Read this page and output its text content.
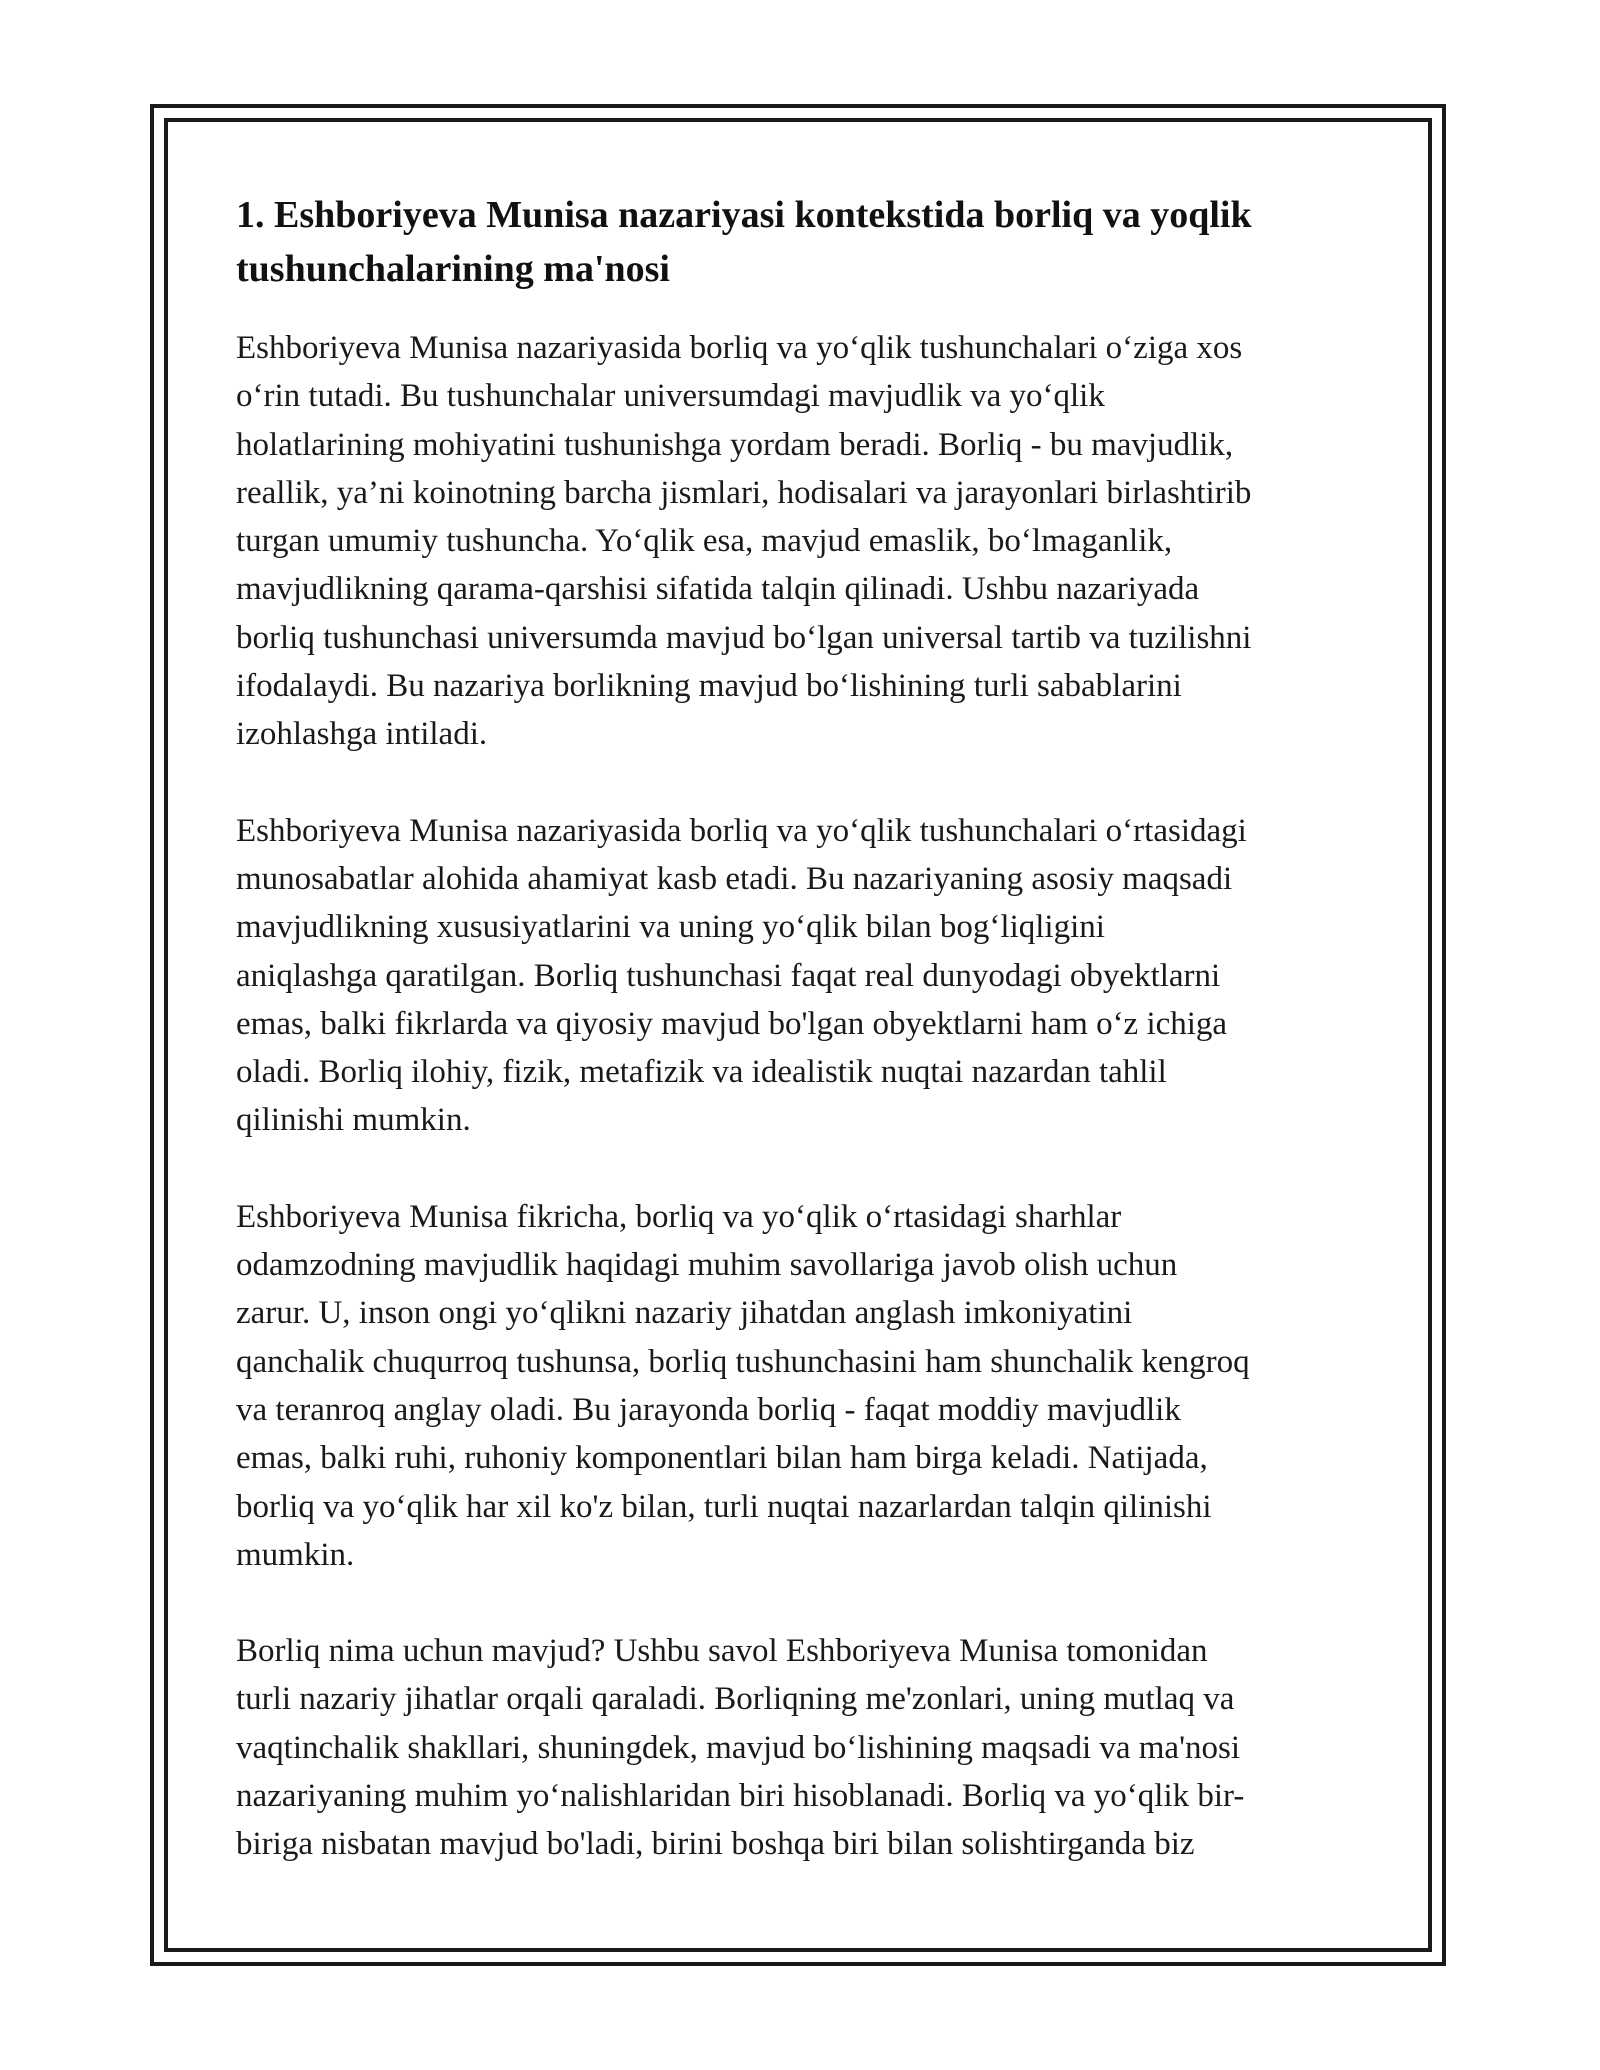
1. Eshboriyeva Munisa nazariyasi kontekstida borliq va yoqlik
tushunchalarining ma'nosi

Eshboriyeva Munisa nazariyasida borliq va yoʻqlik tushunchalari oʻziga xos
oʻrin tutadi. Bu tushunchalar universumdagi mavjudlik va yoʻqlik
holatlarining mohiyatini tushunishga yordam beradi. Borliq - bu mavjudlik,
reallik, ya’ni koinotning barcha jismlari, hodisalari va jarayonlari birlashtirib
turgan umumiy tushuncha. Yoʻqlik esa, mavjud emaslik, boʻlmaganlik,
mavjudlikning qarama-qarshisi sifatida talqin qilinadi. Ushbu nazariyada
borliq tushunchasi universumda mavjud boʻlgan universal tartib va tuzilishni
ifodalaydi. Bu nazariya borlikning mavjud boʻlishining turli sabablarini
izohlashga intiladi.

Eshboriyeva Munisa nazariyasida borliq va yoʻqlik tushunchalari oʻrtasidagi
munosabatlar alohida ahamiyat kasb etadi. Bu nazariyaning asosiy maqsadi
mavjudlikning xususiyatlarini va uning yoʻqlik bilan bogʻliqligini
aniqlashga qaratilgan. Borliq tushunchasi faqat real dunyodagi obyektlarni
emas, balki fikrlarda va qiyosiy mavjud bo'lgan obyektlarni ham oʻz ichiga
oladi. Borliq ilohiy, fizik, metafizik va idealistik nuqtai nazardan tahlil
qilinishi mumkin.

Eshboriyeva Munisa fikricha, borliq va yoʻqlik oʻrtasidagi sharhlar
odamzodning mavjudlik haqidagi muhim savollariga javob olish uchun
zarur. U, inson ongi yoʻqlikni nazariy jihatdan anglash imkoniyatini
qanchalik chuqurroq tushunsa, borliq tushunchasini ham shunchalik kengroq
va teranroq anglay oladi. Bu jarayonda borliq - faqat moddiy mavjudlik
emas, balki ruhi, ruhoniy komponentlari bilan ham birga keladi. Natijada,
borliq va yoʻqlik har xil ko'z bilan, turli nuqtai nazarlardan talqin qilinishi
mumkin.

Borliq nima uchun mavjud? Ushbu savol Eshboriyeva Munisa tomonidan
turli nazariy jihatlar orqali qaraladi. Borliqning me'zonlari, uning mutlaq va
vaqtinchalik shakllari, shuningdek, mavjud boʻlishining maqsadi va ma'nosi
nazariyaning muhim yoʻnalishlaridan biri hisoblanadi. Borliq va yoʻqlik bir-
biriga nisbatan mavjud bo'ladi, birini boshqa biri bilan solishtirganda biz
